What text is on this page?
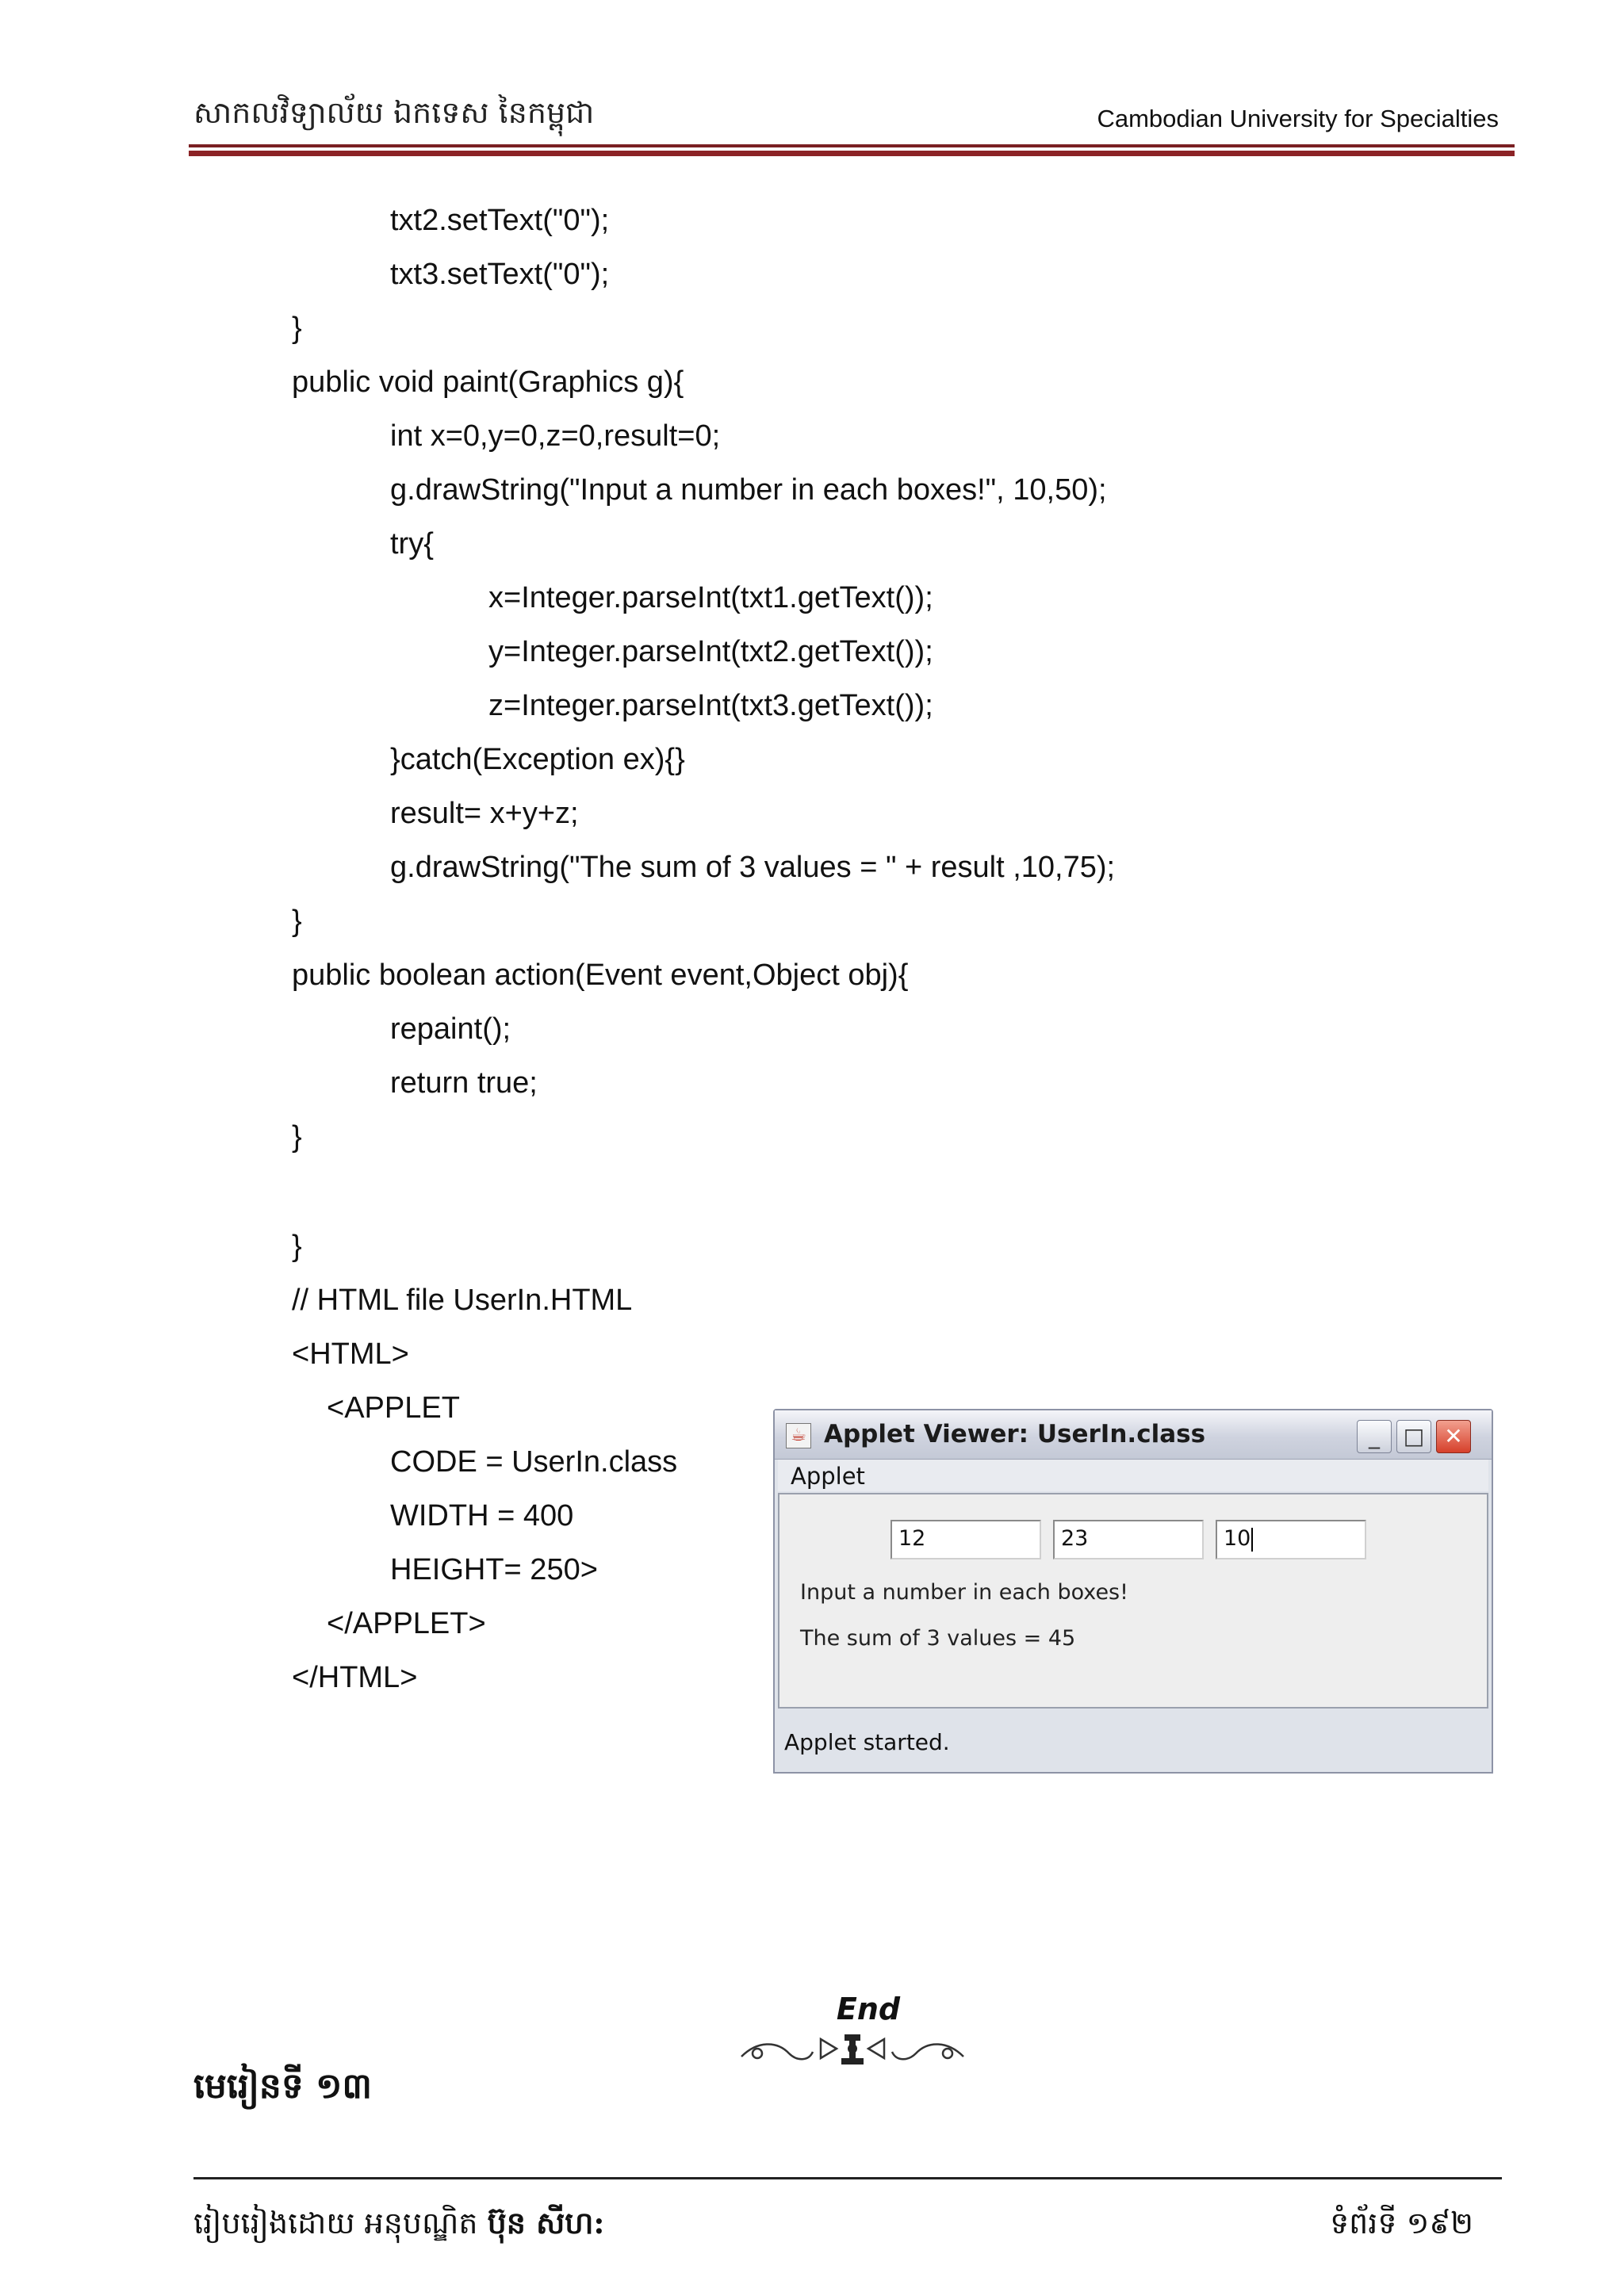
សាកលវិទ្យាល័យ ឯកទេស នៃកម្ពុជា	Cambodian University for Specialties
txt2.setText("0");
txt3.setText("0");
}
public void paint(Graphics g){
int x=0,y=0,z=0,result=0;
g.drawString("Input a number in each boxes!", 10,50);
try{
x=Integer.parseInt(txt1.getText());
y=Integer.parseInt(txt2.getText());
z=Integer.parseInt(txt3.getText());
}catch(Exception ex){}
result= x+y+z;
g.drawString("The sum of 3 values = " + result ,10,75);
}
public boolean action(Event event,Object obj){
repaint();
return true;
}
}
// HTML file UserIn.HTML
<HTML>
<APPLET
CODE = UserIn.class
WIDTH = 400
HEIGHT= 250>
</APPLET>
</HTML>
☕ Applet Viewer: UserIn.class	_	□ ✕
Applet
12	23	10
Input a number in each boxes!
The sum of 3 values = 45
Applet started.
End
មេរៀនទី ១៣
រៀបរៀងដោយ អនុបណ្ឌិត ប៊ុន សីហ:	ទំព័រទី ១៩២
